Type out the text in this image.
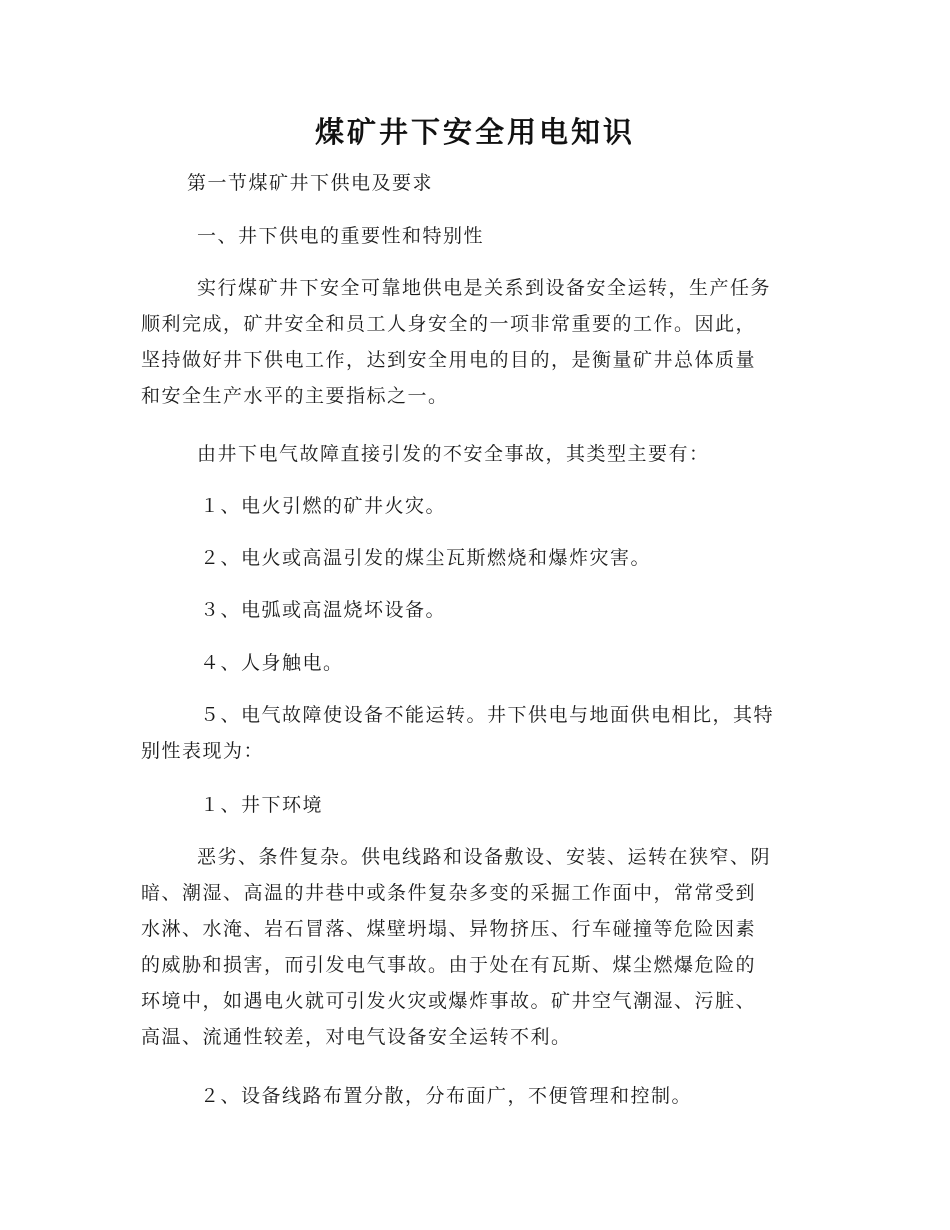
煤矿井下安全用电知识

第一节煤矿井下供电及要求

一、井下供电的重要性和特别性

实行煤矿井下安全可靠地供电是关系到设备安全运转，生产任务
顺利完成，矿井安全和员工人身安全的一项非常重要的工作。因此，
坚持做好井下供电工作，达到安全用电的目的，是衡量矿井总体质量
和安全生产水平的主要指标之一。

由井下电气故障直接引发的不安全事故，其类型主要有：

１、电火引燃的矿井火灾。

２、电火或高温引发的煤尘瓦斯燃烧和爆炸灾害。

３、电弧或高温烧坏设备。

４、人身触电。

５、电气故障使设备不能运转。井下供电与地面供电相比，其特
别性表现为：

１、井下环境

恶劣、条件复杂。供电线路和设备敷设、安装、运转在狭窄、阴
暗、潮湿、高温的井巷中或条件复杂多变的采掘工作面中，常常受到
水淋、水淹、岩石冒落、煤壁坍塌、异物挤压、行车碰撞等危险因素
的威胁和损害，而引发电气事故。由于处在有瓦斯、煤尘燃爆危险的
环境中，如遇电火就可引发火灾或爆炸事故。矿井空气潮湿、污脏、
高温、流通性较差，对电气设备安全运转不利。

２、设备线路布置分散，分布面广，不便管理和控制。
